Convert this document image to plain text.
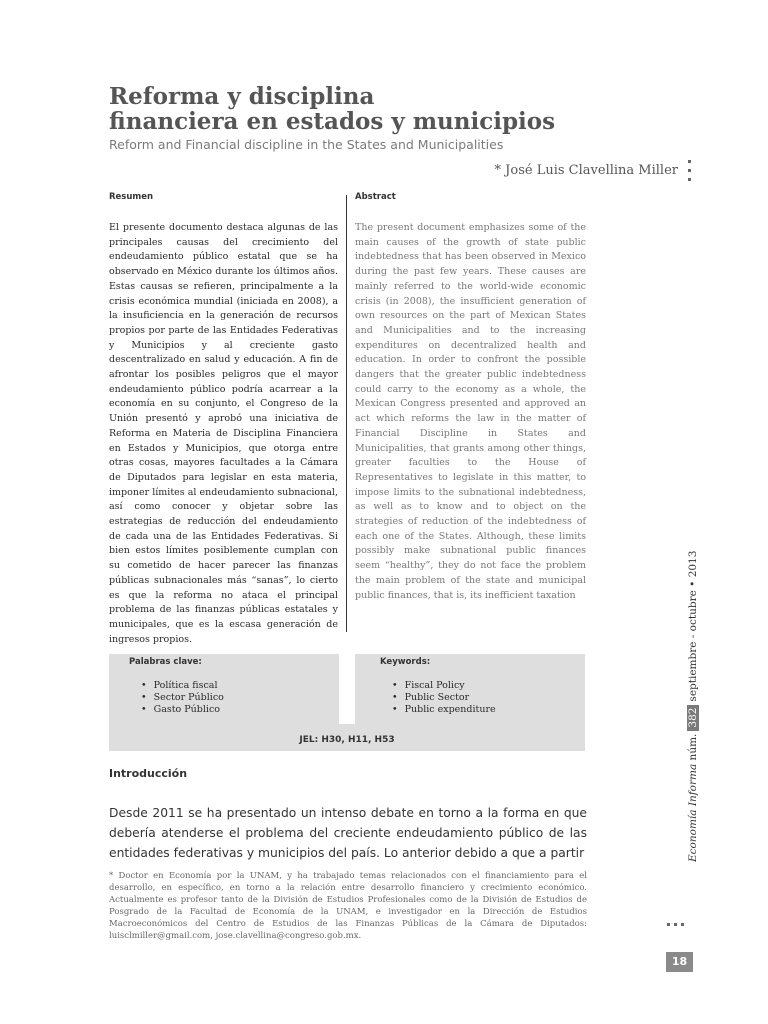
Reforma y disciplina
financiera en estados y municipios
Reform and Financial discipline in the States and Municipalities
* José Luis Clavellina Miller
Resumen	Abstract
El presente documento destaca algunas de las principales causas del crecimiento del endeudamiento público estatal que se ha observado en México durante los últimos años. Estas causas se refieren, principalmente a la crisis económica mundial (iniciada en 2008), a la insuficiencia en la generación de recursos propios por parte de las Entidades Federativas y Municipios y al creciente gasto descentralizado en salud y educación. A fin de afrontar los posibles peligros que el mayor endeudamiento público podría acarrear a la economía en su conjunto, el Congreso de la Unión presentó y aprobó una iniciativa de Reforma en Materia de Disciplina Financiera en Estados y Municipios, que otorga entre otras cosas, mayores facultades a la Cámara de Diputados para legislar en esta materia, imponer límites al endeudamiento subnacional, así como conocer y objetar sobre las estrategias de reducción del endeudamiento de cada una de las Entidades Federativas. Si bien estos límites posiblemente cumplan con su cometido de hacer parecer las finanzas públicas subnacionales más “sanas”, lo cierto es que la reforma no ataca el principal problema de las finanzas públicas estatales y municipales, que es la escasa generación de ingresos propios.
The present document emphasizes some of the main causes of the growth of state public indebtedness that has been observed in Mexico during the past few years. These causes are mainly referred to the world-wide economic crisis (in 2008), the insufficient generation of own resources on the part of Mexican States and Municipalities and to the increasing expenditures on decentralized health and education. In order to confront the possible dangers that the greater public indebtedness could carry to the economy as a whole, the Mexican Congress presented and approved an act which reforms the law in the matter of Financial Discipline in States and Municipalities, that grants among other things, greater faculties to the House of Representatives to legislate in this matter, to impose limits to the subnational indebtedness, as well as to know and to object on the strategies of reduction of the indebtedness of each one of the States. Although, these limits possibly make subnational public finances seem “healthy”, they do not face the problem the main problem of the state and municipal public finances, that is, its inefficient taxation
Palabras clave:
• Política fiscal
• Sector Público
• Gasto Público
Keywords:
• Fiscal Policy
• Public Sector
• Public expenditure
JEL: H30, H11, H53
Introducción
Desde 2011 se ha presentado un intenso debate en torno a la forma en que debería atenderse el problema del creciente endeudamiento público de las entidades federativas y municipios del país. Lo anterior debido a que a partir
* Doctor en Economía por la UNAM, y ha trabajado temas relacionados con el financiamiento para el desarrollo, en específico, en torno a la relación entre desarrollo financiero y crecimiento económico. Actualmente es profesor tanto de la División de Estudios Profesionales como de la División de Estudios de Posgrado de la Facultad de Economía de la UNAM, e investigador en la Dirección de Estudios Macroeconómicos del Centro de Estudios de las Finanzas Públicas de la Cámara de Diputados: luisclmiller@gmail.com, jose.clavellina@congreso.gob.mx.
Economía Informa núm.382septiembre - octubre • 2013
18
